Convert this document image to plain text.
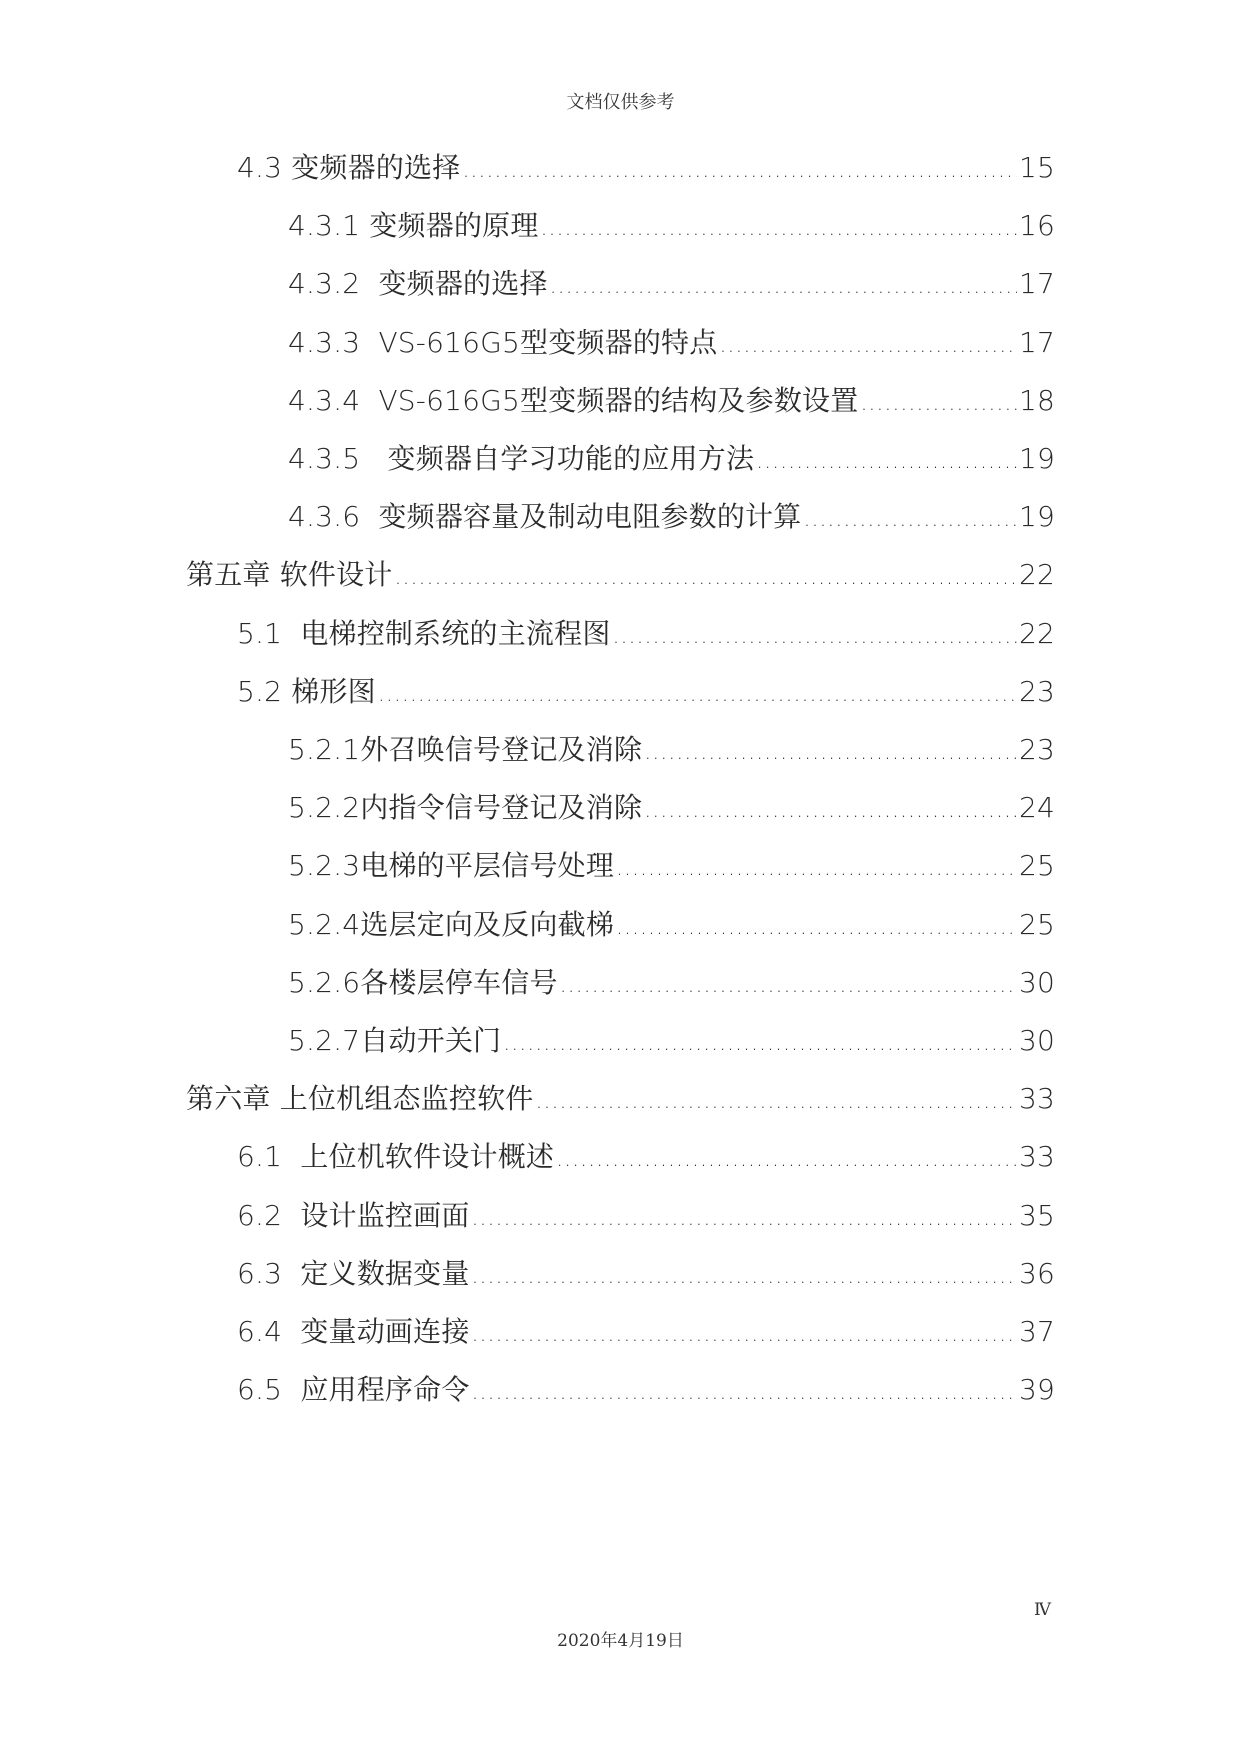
文档仅供参考
4.3 变频器的选择 .....	15
4.3.1 变频器的原理 .....	16
4.3.2  变频器的选择 .....	17
4.3.3  VS-616G5型变频器的特点 .....	17
4.3.4  VS-616G5型变频器的结构及参数设置 .....	18
4.3.5   变频器自学习功能的应用方法 .....	19
4.3.6  变频器容量及制动电阻参数的计算 .....	19
第五章 软件设计 .....	22
5.1  电梯控制系统的主流程图 .....	22
5.2 梯形图 .....	23
5.2.1外召唤信号登记及消除 .....	23
5.2.2内指令信号登记及消除 .....	24
5.2.3电梯的平层信号处理 .....	25
5.2.4选层定向及反向截梯 .....	25
5.2.6各楼层停车信号 .....	30
5.2.7自动开关门 .....	30
第六章 上位机组态监控软件 .....	33
6.1  上位机软件设计概述 .....	33
6.2  设计监控画面 .....	35
6.3  定义数据变量 .....	36
6.4  变量动画连接 .....	37
6.5  应用程序命令 .....	39
Ⅳ
2020年4月19日
